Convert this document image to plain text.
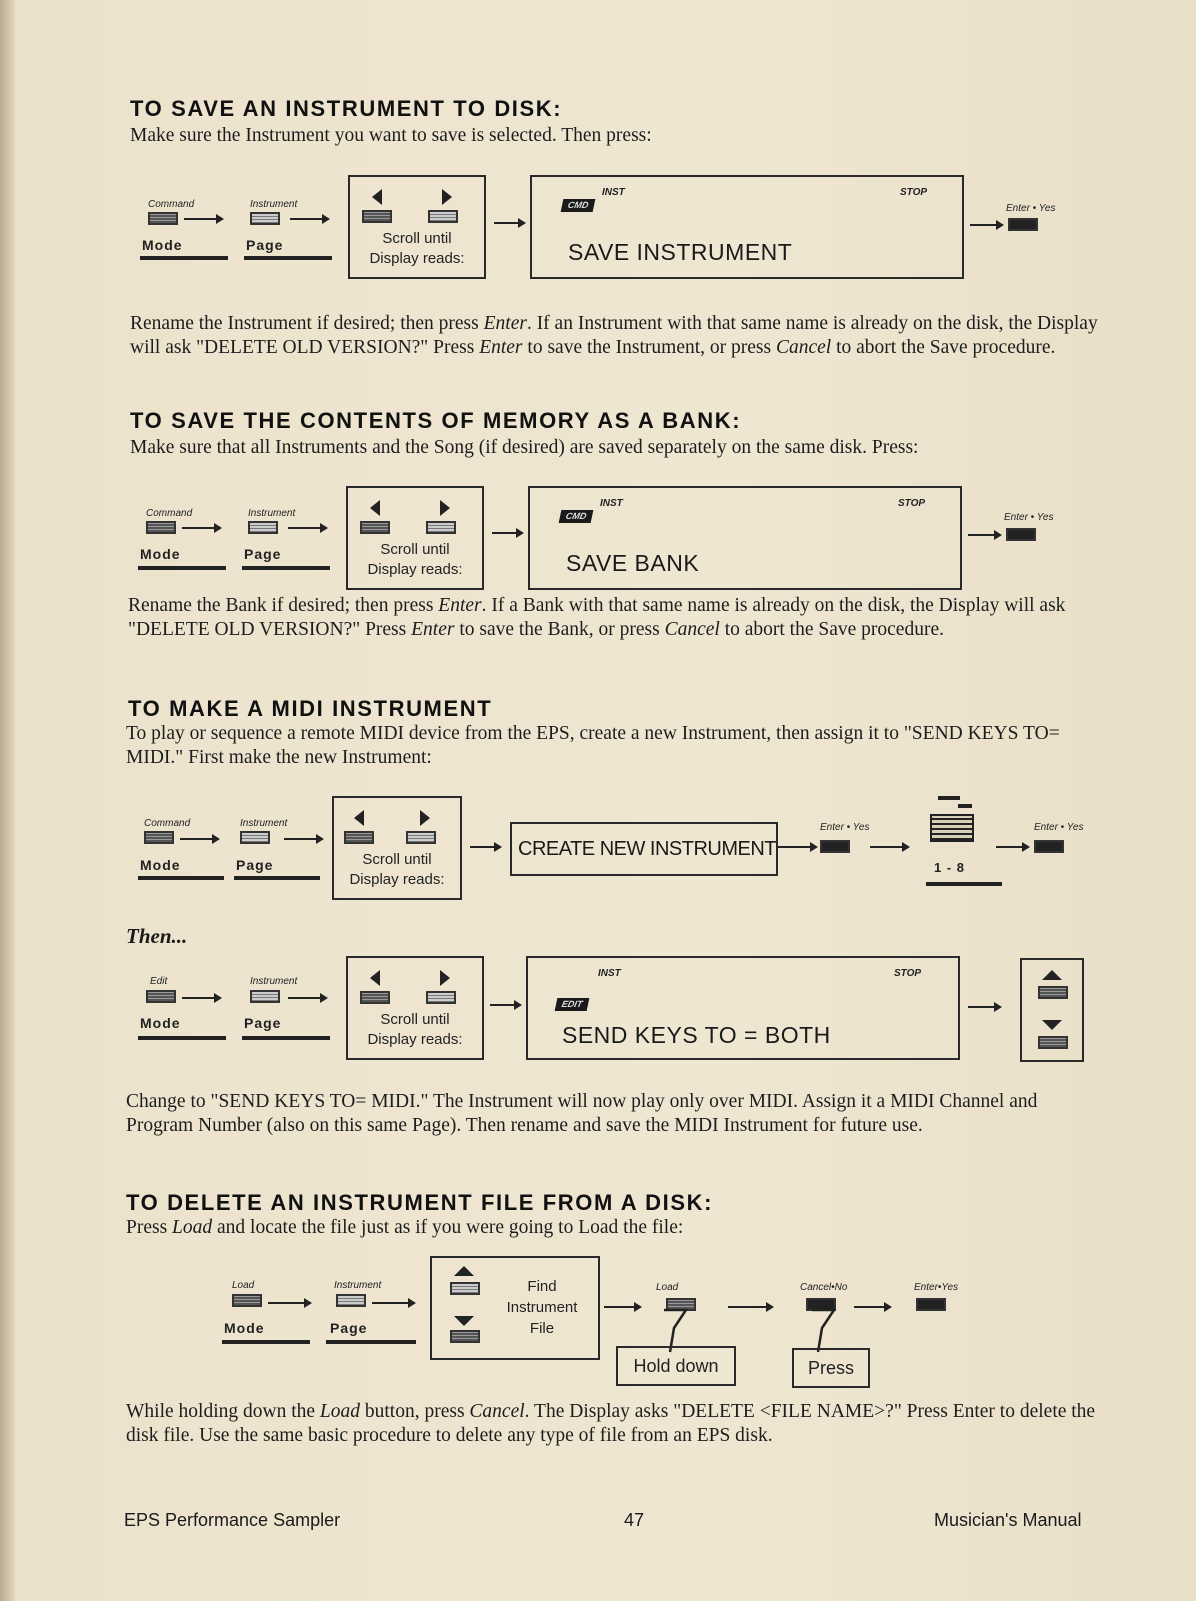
TO SAVE AN INSTRUMENT TO DISK:

Make sure the Instrument you want to save is selected. Then press:

Command
Mode
Instrument
Page	Scroll until
Display reads:
INST	STOP
CMD
SAVE INSTRUMENT
Enter • Yes

Rename the Instrument if desired; then press Enter. If an Instrument with that same name is already on the disk, the Display will ask "DELETE OLD VERSION?" Press Enter to save the Instrument, or press Cancel to abort the Save procedure.

TO SAVE THE CONTENTS OF MEMORY AS A BANK:

Make sure that all Instruments and the Song (if desired) are saved separately on the same disk. Press:

Command
Mode
Instrument
Page	Scroll until
Display reads:
INST	STOP
CMD
SAVE BANK
Enter • Yes

Rename the Bank if desired; then press Enter. If a Bank with that same name is already on the disk, the Display will ask "DELETE OLD VERSION?" Press Enter to save the Bank, or press Cancel to abort the Save procedure.

TO MAKE A MIDI INSTRUMENT

To play or sequence a remote MIDI device from the EPS, create a new Instrument, then assign it to "SEND KEYS TO= MIDI." First make the new Instrument:

Command
Mode
Instrument
Page	Scroll until
Display reads:
CREATE NEW INSTRUMENT
Enter • Yes
1 - 8
Enter • Yes
Then...
Edit
Mode
Instrument
Page	Scroll until
Display reads:
INST	STOP
EDIT
SEND KEYS TO = BOTH

Change to "SEND KEYS TO= MIDI." The Instrument will now play only over MIDI. Assign it a MIDI Channel and Program Number (also on this same Page). Then rename and save the MIDI Instrument for future use.

TO DELETE AN INSTRUMENT FILE FROM A DISK:

Press Load and locate the file just as if you were going to Load the file:

Load
Mode
Instrument
Page
Find
Instrument
File
Load
Hold down
Cancel•No
Press
Enter•Yes

While holding down the Load button, press Cancel. The Display asks "DELETE <FILE NAME>?" Press Enter to delete the disk file. Use the same basic procedure to delete any type of file from an EPS disk.

EPS Performance Sampler	47	Musician's Manual
